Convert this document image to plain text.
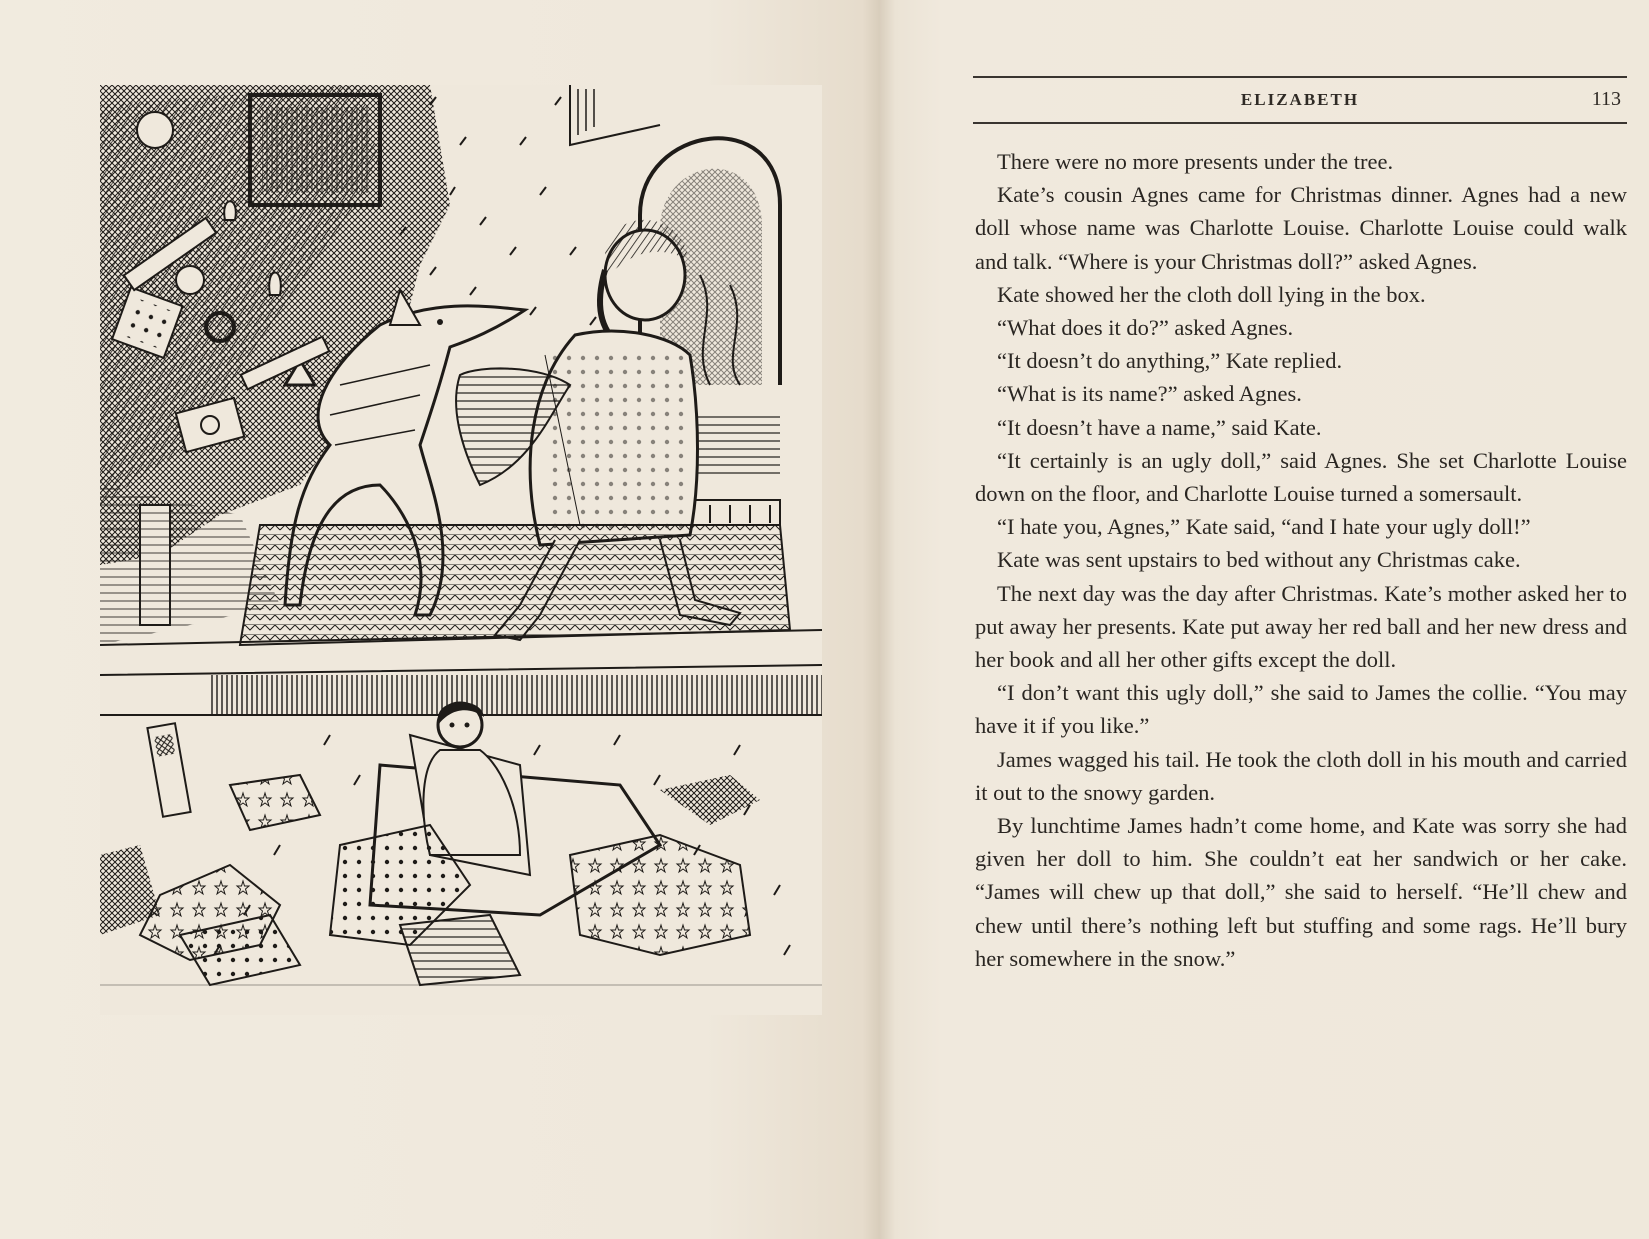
ELIZABETH	113

There were no more presents under the tree.

Kate’s cousin Agnes came for Christmas dinner. Agnes had a new doll whose name was Charlotte Louise. Charlotte Louise could walk and talk. “Where is your Christmas doll?” asked Agnes.

Kate showed her the cloth doll lying in the box.

“What does it do?” asked Agnes.

“It doesn’t do anything,” Kate replied.

“What is its name?” asked Agnes.

“It doesn’t have a name,” said Kate.

“It certainly is an ugly doll,” said Agnes. She set Charlotte Louise down on the floor, and Charlotte Louise turned a somersault.

“I hate you, Agnes,” Kate said, “and I hate your ugly doll!”

Kate was sent upstairs to bed without any Christmas cake.

The next day was the day after Christmas. Kate’s mother asked her to put away her presents. Kate put away her red ball and her new dress and her book and all her other gifts except the doll.

“I don’t want this ugly doll,” she said to James the collie. “You may have it if you like.”

James wagged his tail. He took the cloth doll in his mouth and carried it out to the snowy garden.

By lunchtime James hadn’t come home, and Kate was sorry she had given her doll to him. She couldn’t eat her sandwich or her cake. “James will chew up that doll,” she said to herself. “He’ll chew and chew until there’s nothing left but stuffing and some rags. He’ll bury her somewhere in the snow.”
